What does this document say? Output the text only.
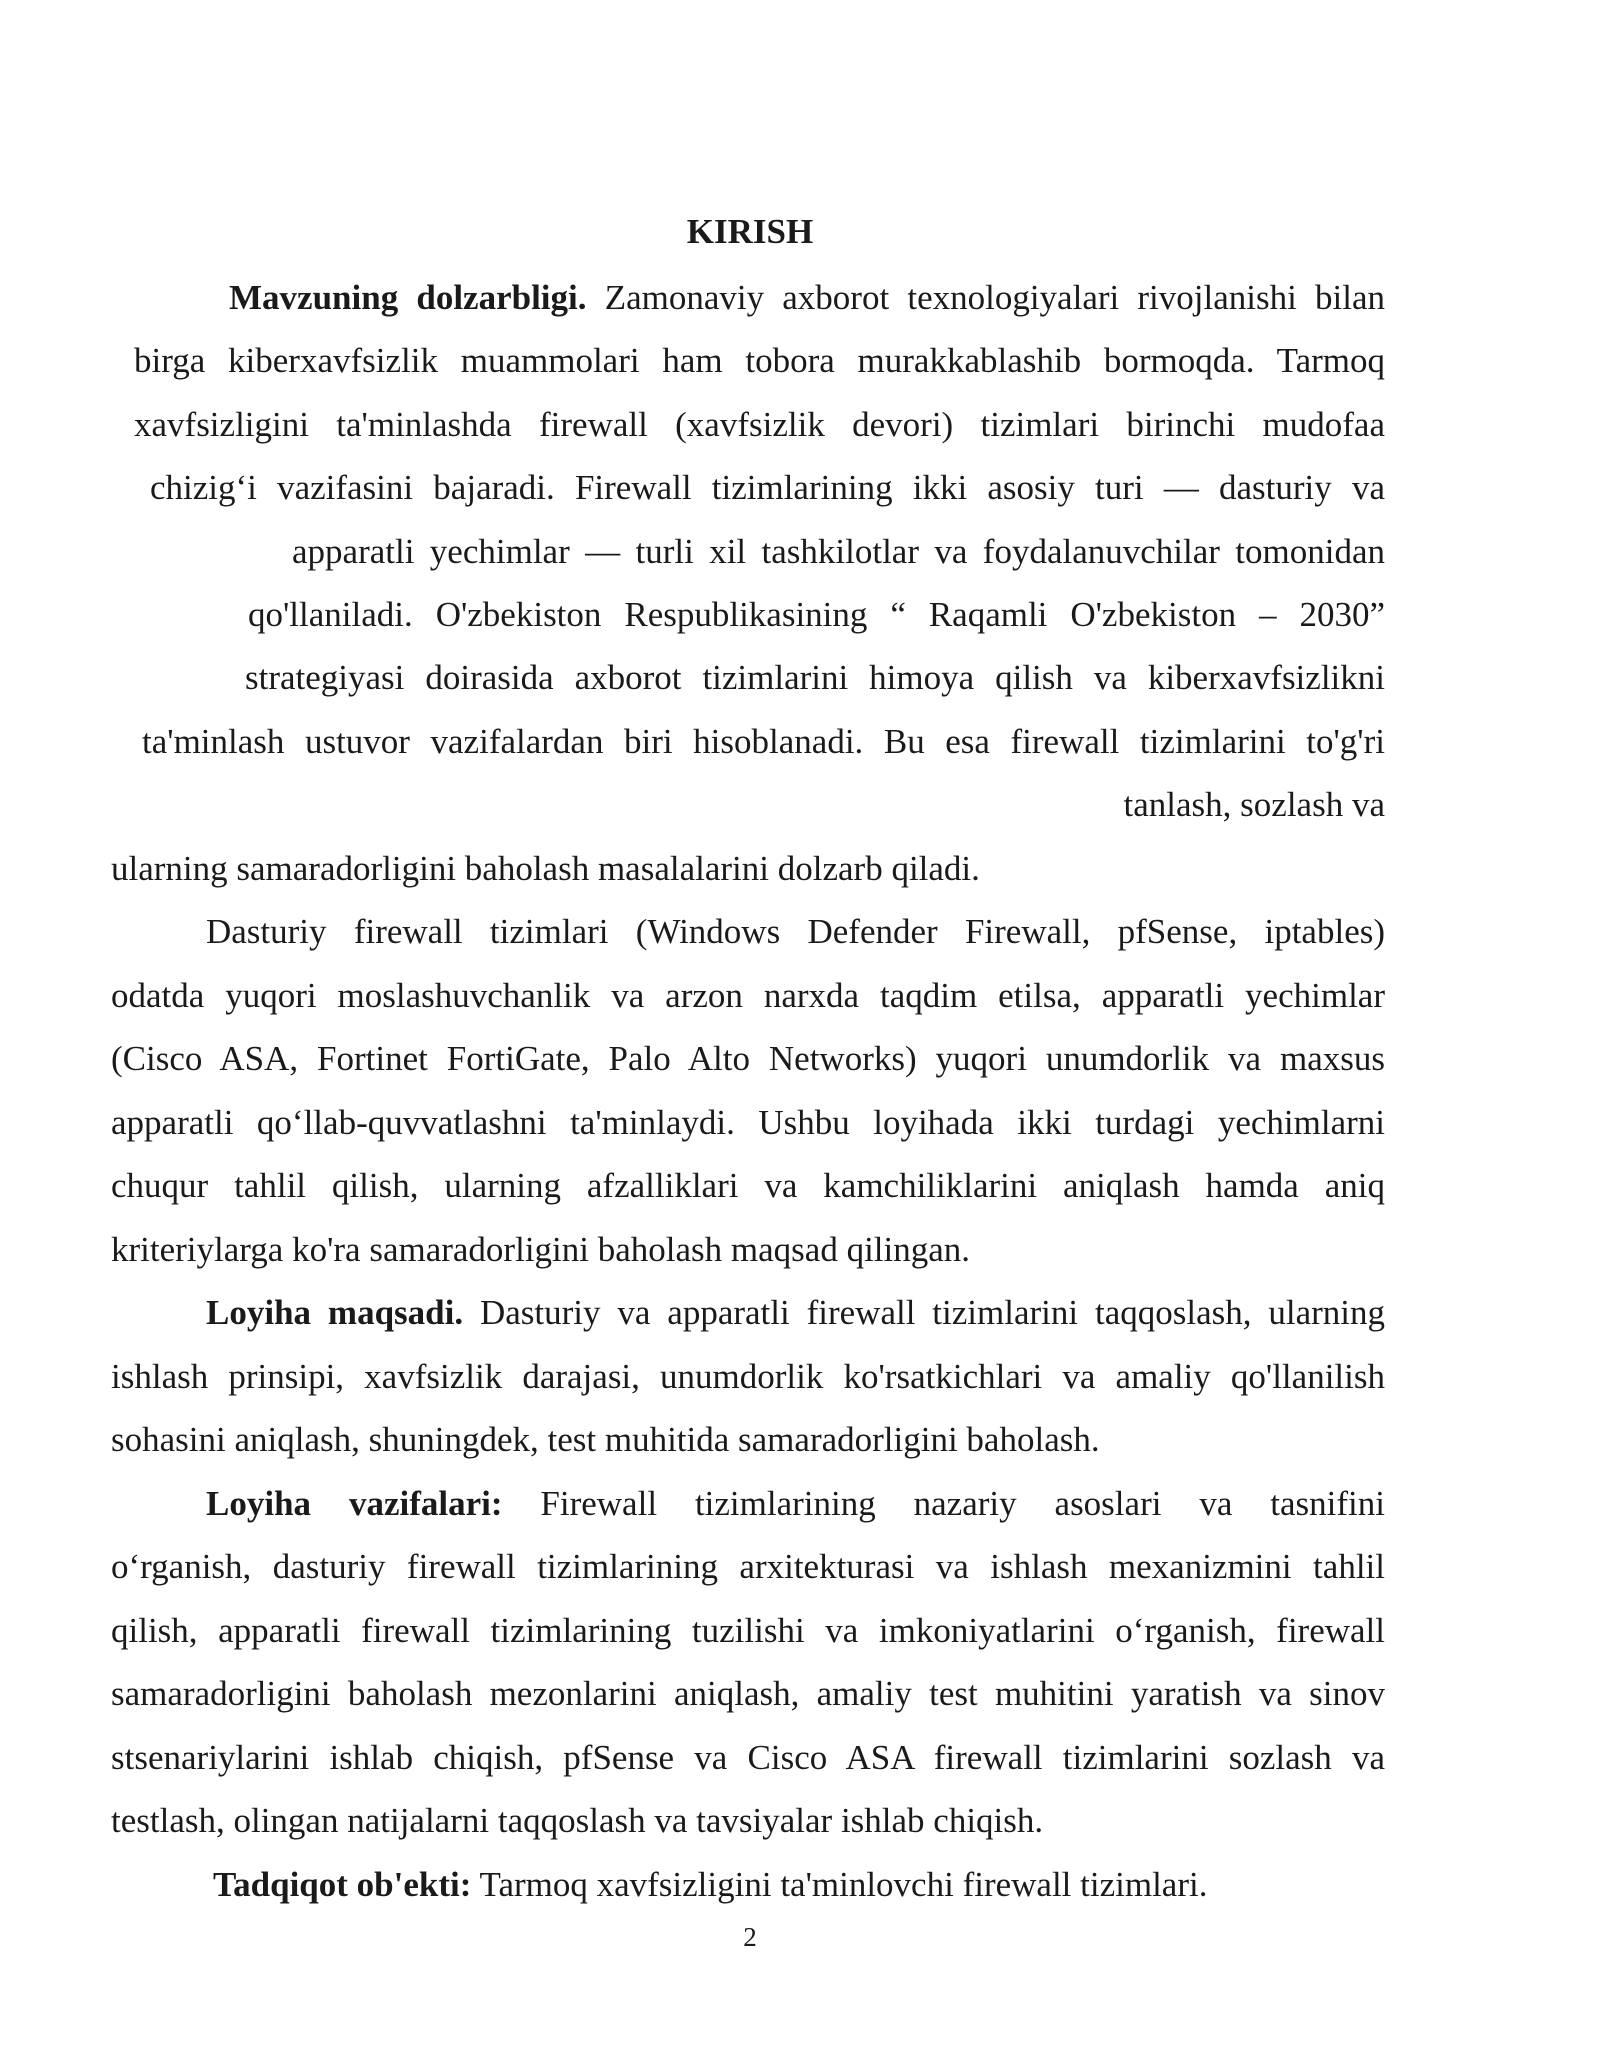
KIRISH
Mavzuning dolzarbligi. Zamonaviy axborot texnologiyalari rivojlanishi bilan
birga kiberxavfsizlik muammolari ham tobora murakkablashib bormoqda. Tarmoq
xavfsizligini ta'minlashda firewall (xavfsizlik devori) tizimlari birinchi mudofaa
chizig‘i vazifasini bajaradi. Firewall tizimlarining ikki asosiy turi — dasturiy va
apparatli yechimlar — turli xil tashkilotlar va foydalanuvchilar tomonidan
qo'llaniladi. O'zbekiston Respublikasining “ Raqamli O'zbekiston – 2030”
strategiyasi doirasida axborot tizimlarini himoya qilish va kiberxavfsizlikni
ta'minlash ustuvor vazifalardan biri hisoblanadi. Bu esa firewall tizimlarini to'g'ri
tanlash, sozlash va
ularning samaradorligini baholash masalalarini dolzarb qiladi.
Dasturiy firewall tizimlari (Windows Defender Firewall, pfSense, iptables)
odatda yuqori moslashuvchanlik va arzon narxda taqdim etilsa, apparatli yechimlar
(Cisco ASA, Fortinet FortiGate, Palo Alto Networks) yuqori unumdorlik va maxsus
apparatli qo‘llab-quvvatlashni ta'minlaydi. Ushbu loyihada ikki turdagi yechimlarni
chuqur tahlil qilish, ularning afzalliklari va kamchiliklarini aniqlash hamda aniq
kriteriylarga ko'ra samaradorligini baholash maqsad qilingan.
Loyiha maqsadi. Dasturiy va apparatli firewall tizimlarini taqqoslash, ularning
ishlash prinsipi, xavfsizlik darajasi, unumdorlik ko'rsatkichlari va amaliy qo'llanilish
sohasini aniqlash, shuningdek, test muhitida samaradorligini baholash.
Loyiha vazifalari: Firewall tizimlarining nazariy asoslari va tasnifini
o‘rganish, dasturiy firewall tizimlarining arxitekturasi va ishlash mexanizmini tahlil
qilish, apparatli firewall tizimlarining tuzilishi va imkoniyatlarini o‘rganish, firewall
samaradorligini baholash mezonlarini aniqlash, amaliy test muhitini yaratish va sinov
stsenariylarini ishlab chiqish, pfSense va Cisco ASA firewall tizimlarini sozlash va
testlash, olingan natijalarni taqqoslash va tavsiyalar ishlab chiqish.
Tadqiqot ob'ekti: Tarmoq xavfsizligini ta'minlovchi firewall tizimlari.
2
